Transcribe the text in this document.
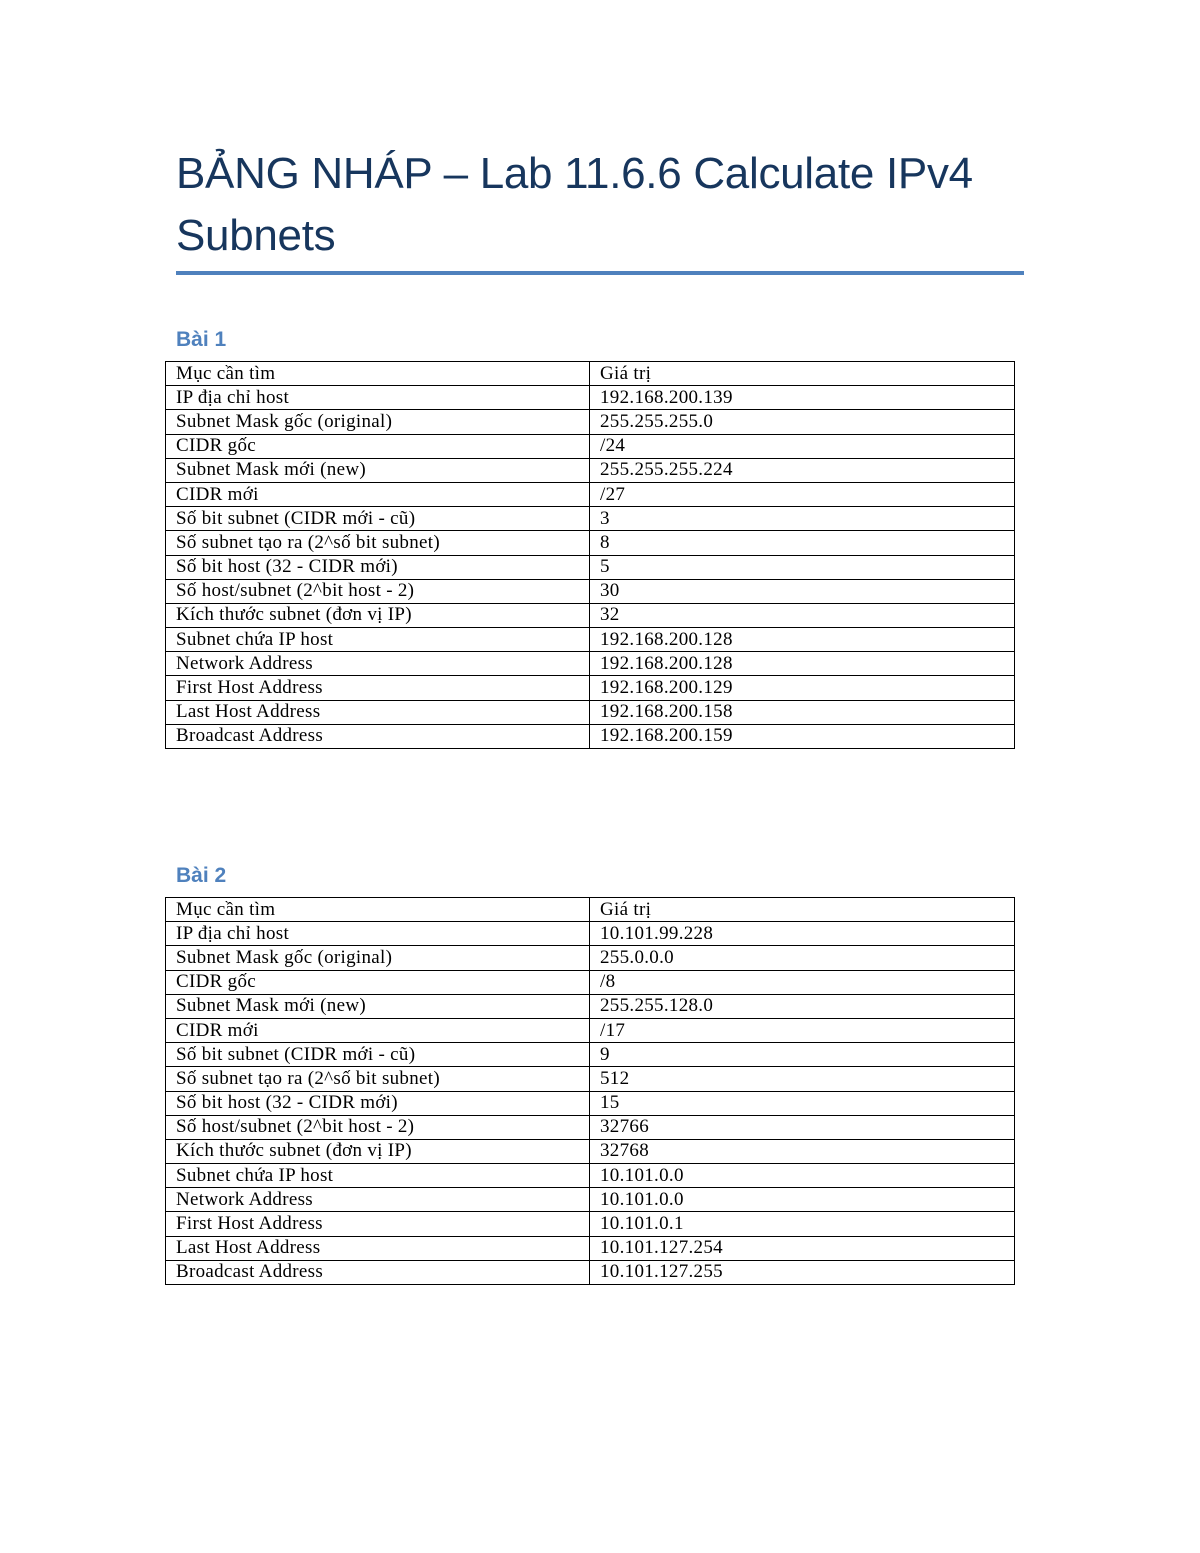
BẢNG NHÁP – Lab 11.6.6 Calculate IPv4 Subnets
Bài 1
Mục cần tìm	Giá trị
IP địa chỉ host	192.168.200.139
Subnet Mask gốc (original)	255.255.255.0
CIDR gốc	/24
Subnet Mask mới (new)	255.255.255.224
CIDR mới	/27
Số bit subnet (CIDR mới - cũ)	3
Số subnet tạo ra (2^số bit subnet)	8
Số bit host (32 - CIDR mới)	5
Số host/subnet (2^bit host - 2)	30
Kích thước subnet (đơn vị IP)	32
Subnet chứa IP host	192.168.200.128
Network Address	192.168.200.128
First Host Address	192.168.200.129
Last Host Address	192.168.200.158
Broadcast Address	192.168.200.159
Bài 2
Mục cần tìm	Giá trị
IP địa chỉ host	10.101.99.228
Subnet Mask gốc (original)	255.0.0.0
CIDR gốc	/8
Subnet Mask mới (new)	255.255.128.0
CIDR mới	/17
Số bit subnet (CIDR mới - cũ)	9
Số subnet tạo ra (2^số bit subnet)	512
Số bit host (32 - CIDR mới)	15
Số host/subnet (2^bit host - 2)	32766
Kích thước subnet (đơn vị IP)	32768
Subnet chứa IP host	10.101.0.0
Network Address	10.101.0.0
First Host Address	10.101.0.1
Last Host Address	10.101.127.254
Broadcast Address	10.101.127.255
